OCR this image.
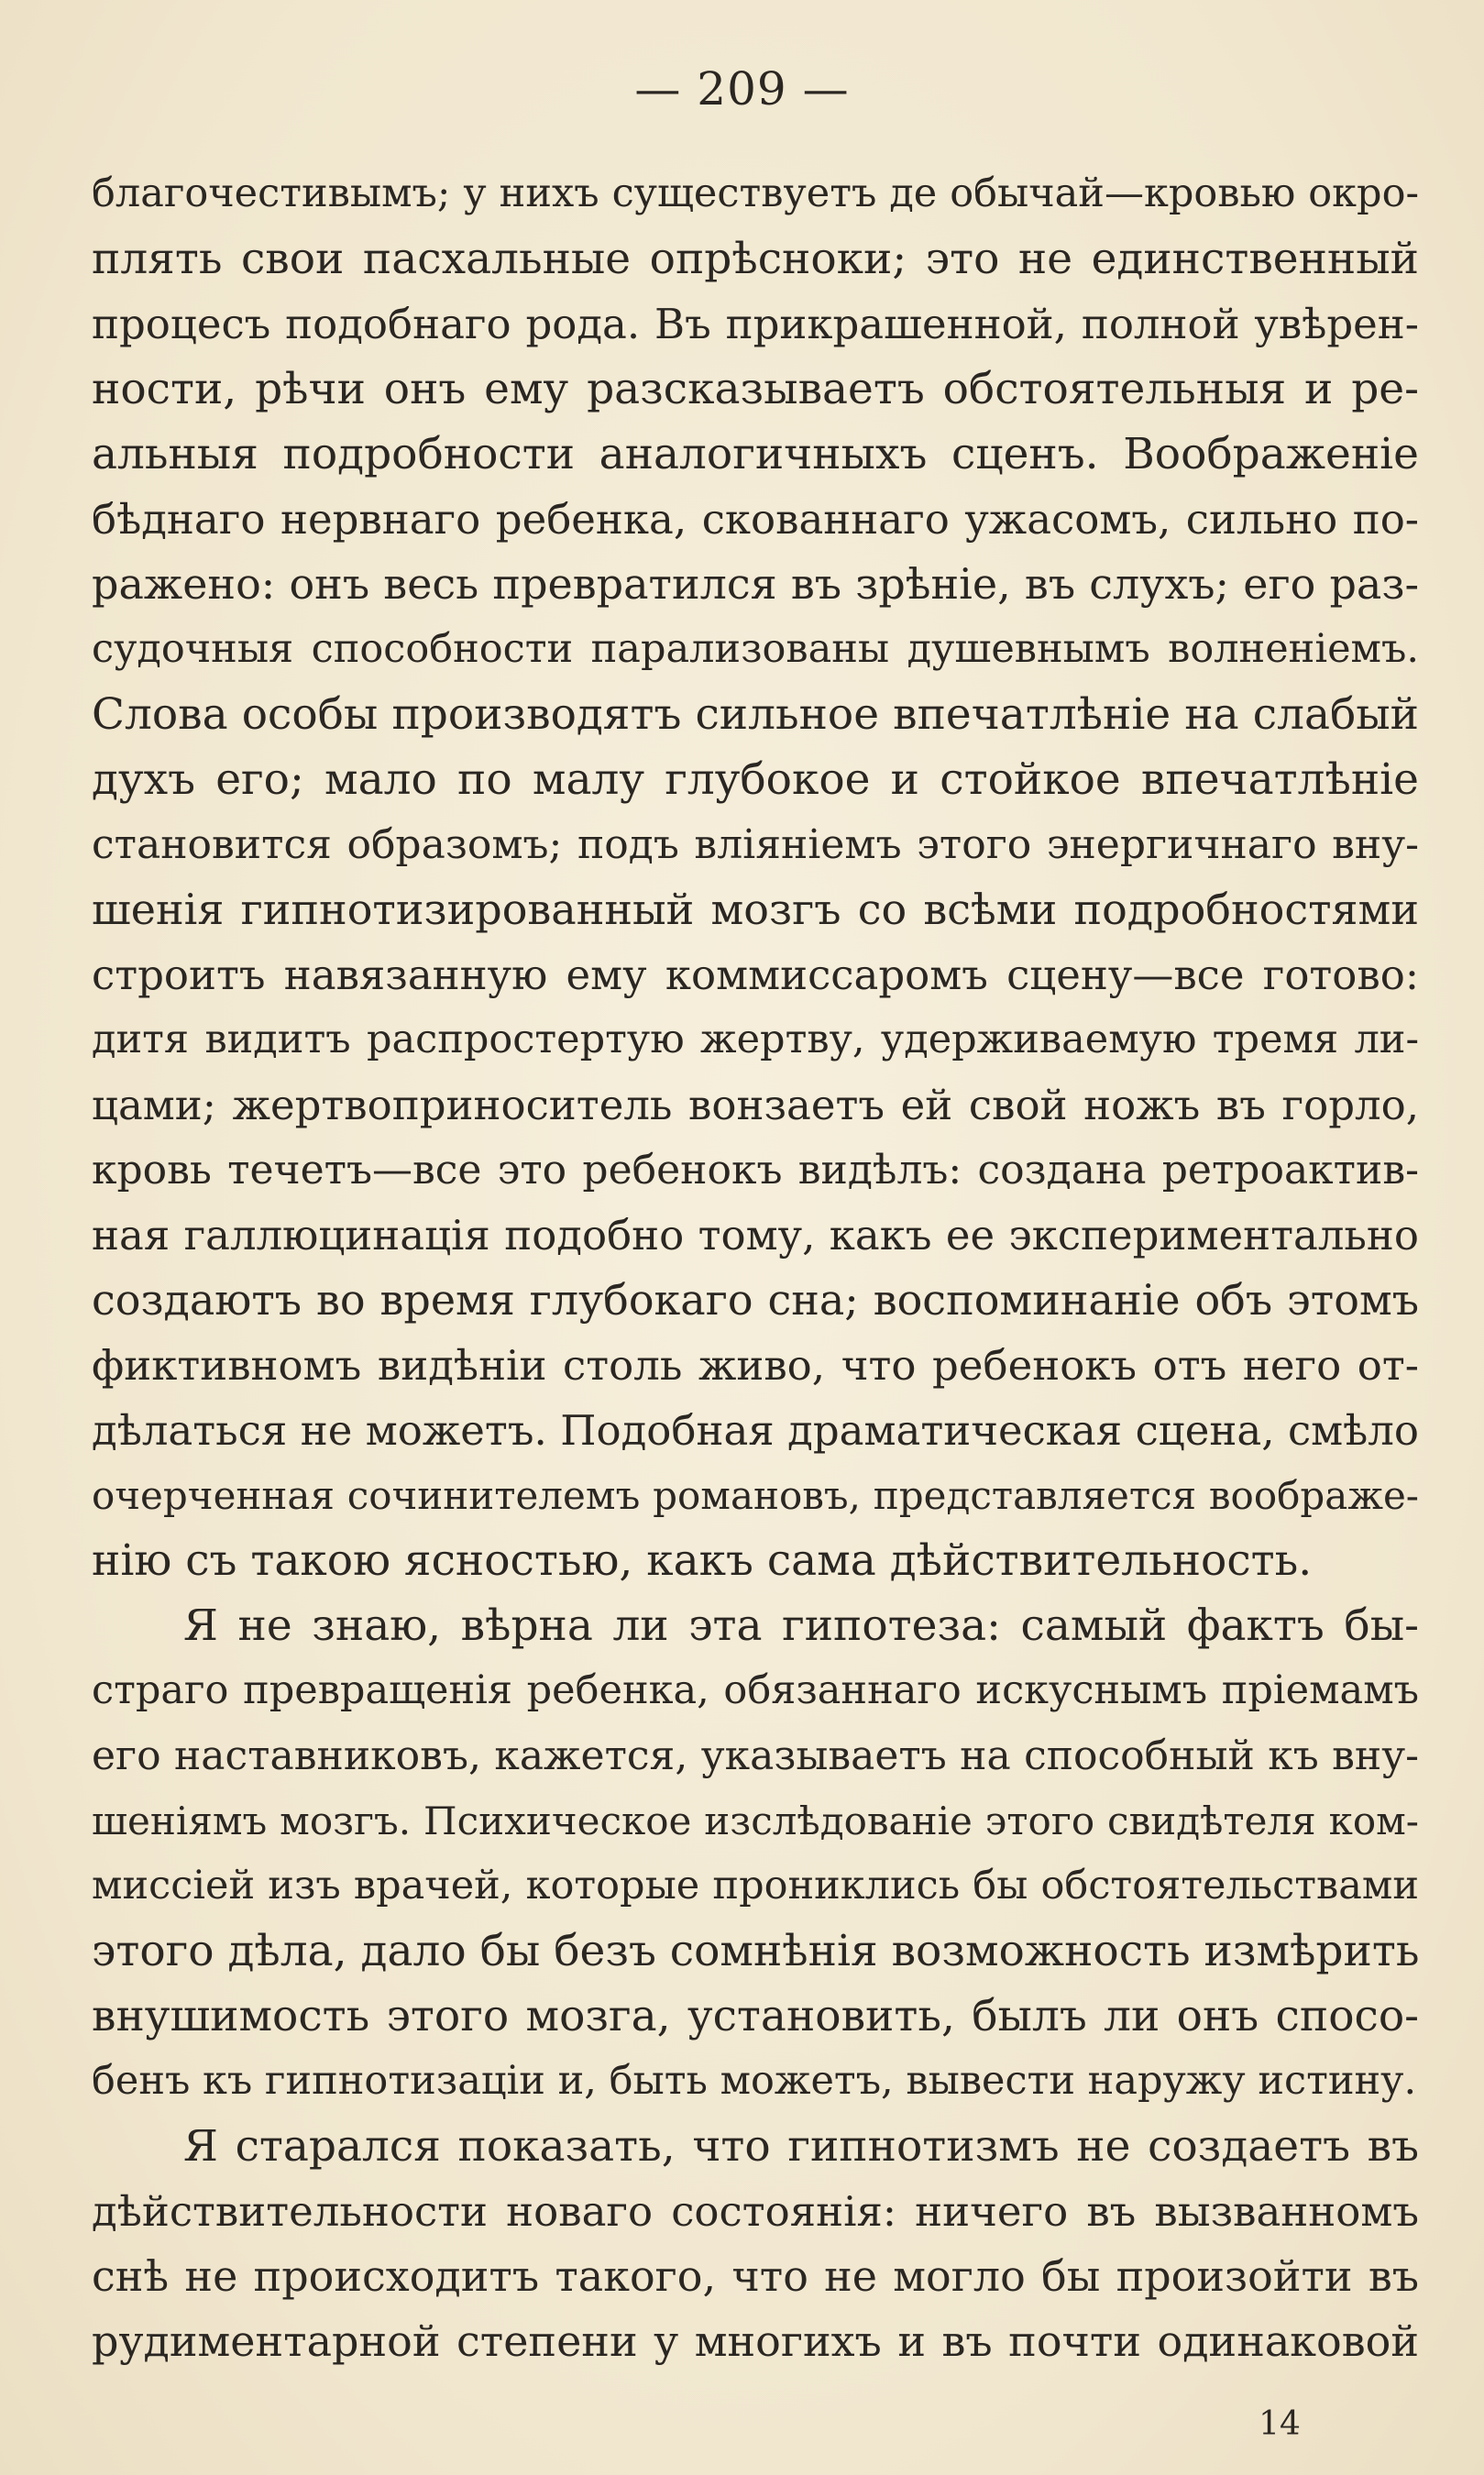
— 209 —
благочестивымъ; у нихъ существуетъ де обычай—кровью окро-
плять свои пасхальные опрѣсноки; это не единственный
процесъ подобнаго рода. Въ прикрашенной, полной увѣрен-
ности, рѣчи онъ ему разсказываетъ обстоятельныя и ре-
альныя подробности аналогичныхъ сценъ. Воображеніе
бѣднаго нервнаго ребенка, скованнаго ужасомъ, сильно по-
ражено: онъ весь превратился въ зрѣніе, въ слухъ; его раз-
судочныя способности парализованы душевнымъ волненіемъ.
Слова особы производятъ сильное впечатлѣніе на слабый
духъ его; мало по малу глубокое и стойкое впечатлѣніе
становится образомъ; подъ вліяніемъ этого энергичнаго вну-
шенія гипнотизированный мозгъ со всѣми подробностями
строитъ навязанную ему коммиссаромъ сцену—все готово:
дитя видитъ распростертую жертву, удерживаемую тремя ли-
цами; жертвоприноситель вонзаетъ ей свой ножъ въ горло,
кровь течетъ—все это ребенокъ видѣлъ: создана ретроактив-
ная галлюцинація подобно тому, какъ ее экспериментально
создаютъ во время глубокаго сна; воспоминаніе объ этомъ
фиктивномъ видѣніи столь живо, что ребенокъ отъ него от-
дѣлаться не можетъ. Подобная драматическая сцена, смѣло
очерченная сочинителемъ романовъ, представляется воображе-
нію съ такою ясностью, какъ сама дѣйствительность.
Я не знаю, вѣрна ли эта гипотеза: самый фактъ бы-
страго превращенія ребенка, обязаннаго искуснымъ пріемамъ
его наставниковъ, кажется, указываетъ на способный къ вну-
шеніямъ мозгъ. Психическое изслѣдованіе этого свидѣтеля ком-
миссіей изъ врачей, которые прониклись бы обстоятельствами
этого дѣла, дало бы безъ сомнѣнія возможность измѣрить
внушимость этого мозга, установить, былъ ли онъ спосо-
бенъ къ гипнотизаціи и, быть можетъ, вывести наружу истину.
Я старался показать, что гипнотизмъ не создаетъ въ
дѣйствительности новаго состоянія: ничего въ вызванномъ
снѣ не происходитъ такого, что не могло бы произойти въ
рудиментарной степени у многихъ и въ почти одинаковой
14
